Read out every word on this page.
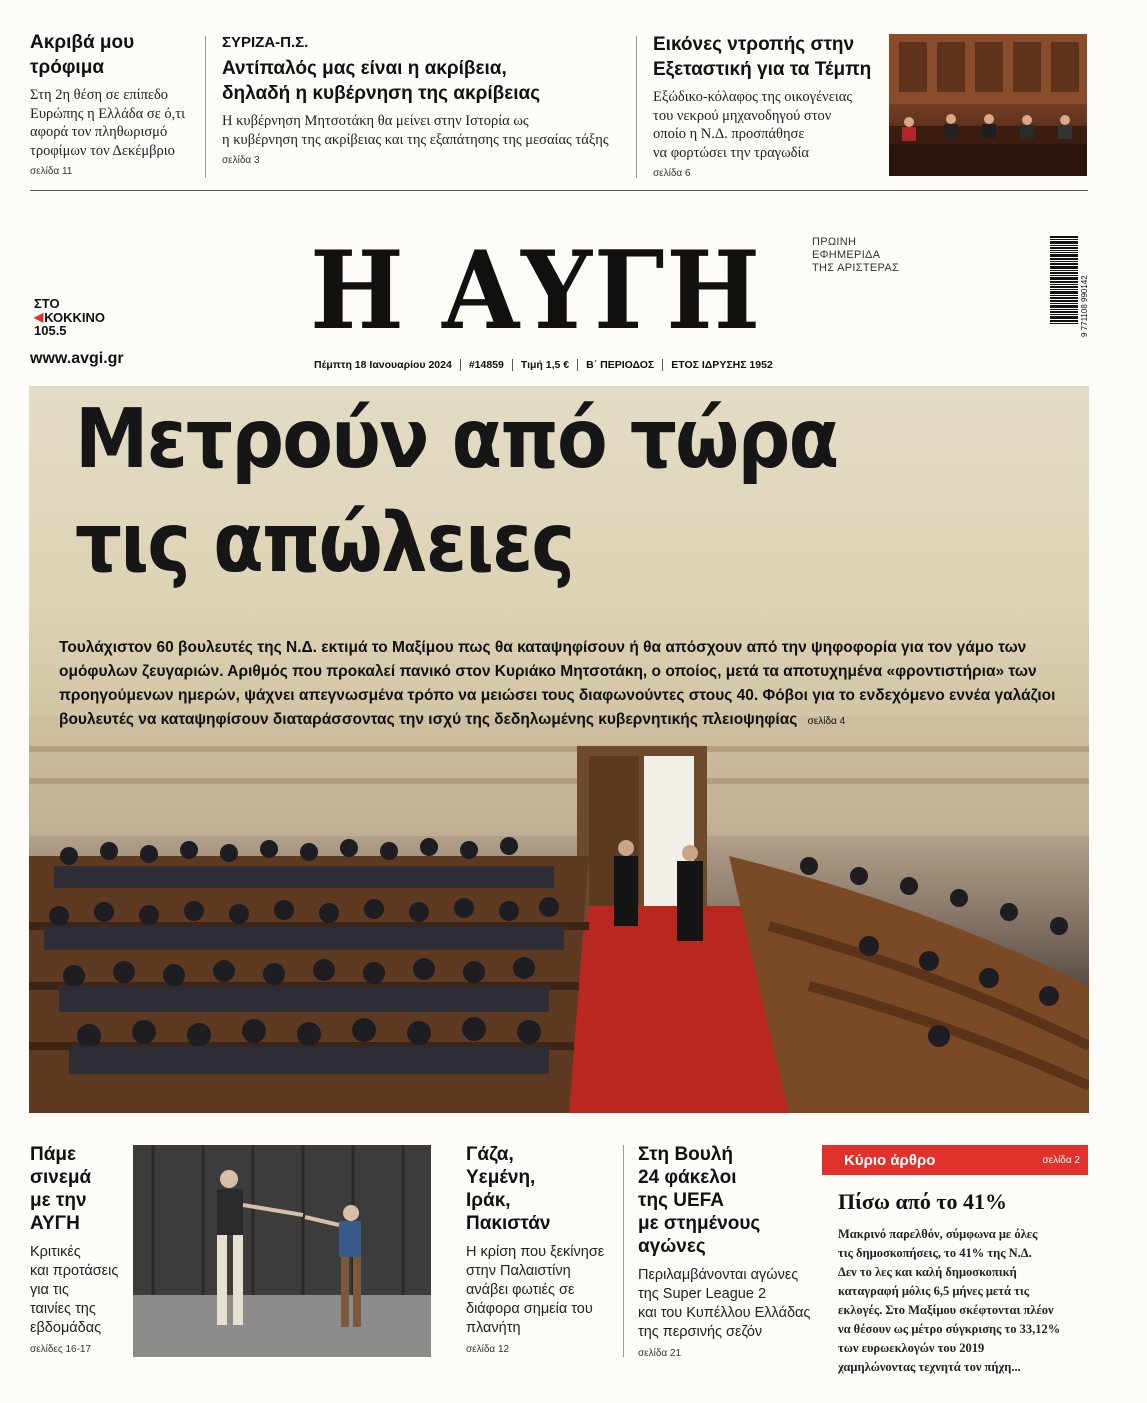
Ακριβά μου
τρόφιμα
Στη 2η θέση σε επίπεδο
Ευρώπης η Ελλάδα σε ό,τι
αφορά τον πληθωρισμό
τροφίμων τον Δεκέμβριο
σελίδα 11
ΣΥΡΙΖΑ-Π.Σ.
Αντίπαλός μας είναι η ακρίβεια,
δηλαδή η κυβέρνηση της ακρίβειας
Η κυβέρνηση Μητσοτάκη θα μείνει στην Ιστορία ως
η κυβέρνηση της ακρίβειας και της εξαπάτησης της μεσαίας τάξης
σελίδα 3
Εικόνες ντροπής στην
Εξεταστική για τα Τέμπη
Εξώδικο-κόλαφος της οικογένειας
του νεκρού μηχανοδηγού στον
οποίο η Ν.Δ. προσπάθησε
να φορτώσει την τραγωδία
σελίδα 6
Η ΑΥΓΗ	ΠΡΩΙΝΗ
ΕΦΗΜΕΡΙΔΑ
ΤΗΣ ΑΡΙΣΤΕΡΑΣ
ΣΤΟ
◀ ΚΟΚΚΙΝΟ
105.5
www.avgi.gr	Πέμπτη 18 Ιανουαρίου 2024	#14859	Τιμή 1,5 €	Β΄ ΠΕΡΙΟΔΟΣ	ΕΤΟΣ ΙΔΡΥΣΗΣ 1952
9 771108 990142
Μετρούν από τώρα
τις απώλειες
Τουλάχιστον 60 βουλευτές της Ν.Δ. εκτιμά το Μαξίμου πως θα καταψηφίσουν ή θα απόσχουν από την ψηφοφορία για τον γάμο των
ομόφυλων ζευγαριών. Αριθμός που προκαλεί πανικό στον Κυριάκο Μητσοτάκη, ο οποίος, μετά τα αποτυχημένα «φροντιστήρια» των
προηγούμενων ημερών, ψάχνει απεγνωσμένα τρόπο να μειώσει τους διαφωνούντες στους 40. Φόβοι για το ενδεχόμενο εννέα γαλάζιοι
βουλευτές να καταψηφίσουν διαταράσσοντας την ισχύ της δεδηλωμένης κυβερνητικής πλειοψηφίας σελίδα 4
Πάμε
σινεμά
με την
ΑΥΓΗ
Κριτικές
και προτάσεις
για τις
ταινίες της
εβδομάδας
σελίδες 16-17
Γάζα,
Υεμένη,
Ιράκ,
Πακιστάν
Η κρίση που ξεκίνησε
στην Παλαιστίνη
ανάβει φωτιές σε
διάφορα σημεία του
πλανήτη
σελίδα 12
Στη Βουλή
24 φάκελοι
της UEFA
με στημένους
αγώνες
Περιλαμβάνονται αγώνες
της Super League 2
και του Κυπέλλου Ελλάδας
της περσινής σεζόν
σελίδα 21
Κύριο άρθρο	σελίδα 2
Πίσω από το 41%
Μακρινό παρελθόν, σύμφωνα με όλες
τις δημοσκοπήσεις, το 41% της Ν.Δ.
Δεν το λες και καλή δημοσκοπική
καταγραφή μόλις 6,5 μήνες μετά τις
εκλογές. Στο Μαξίμου σκέφτονται πλέον
να θέσουν ως μέτρο σύγκρισης το 33,12%
των ευρωεκλογών του 2019
χαμηλώνοντας τεχνητά τον πήχη...
